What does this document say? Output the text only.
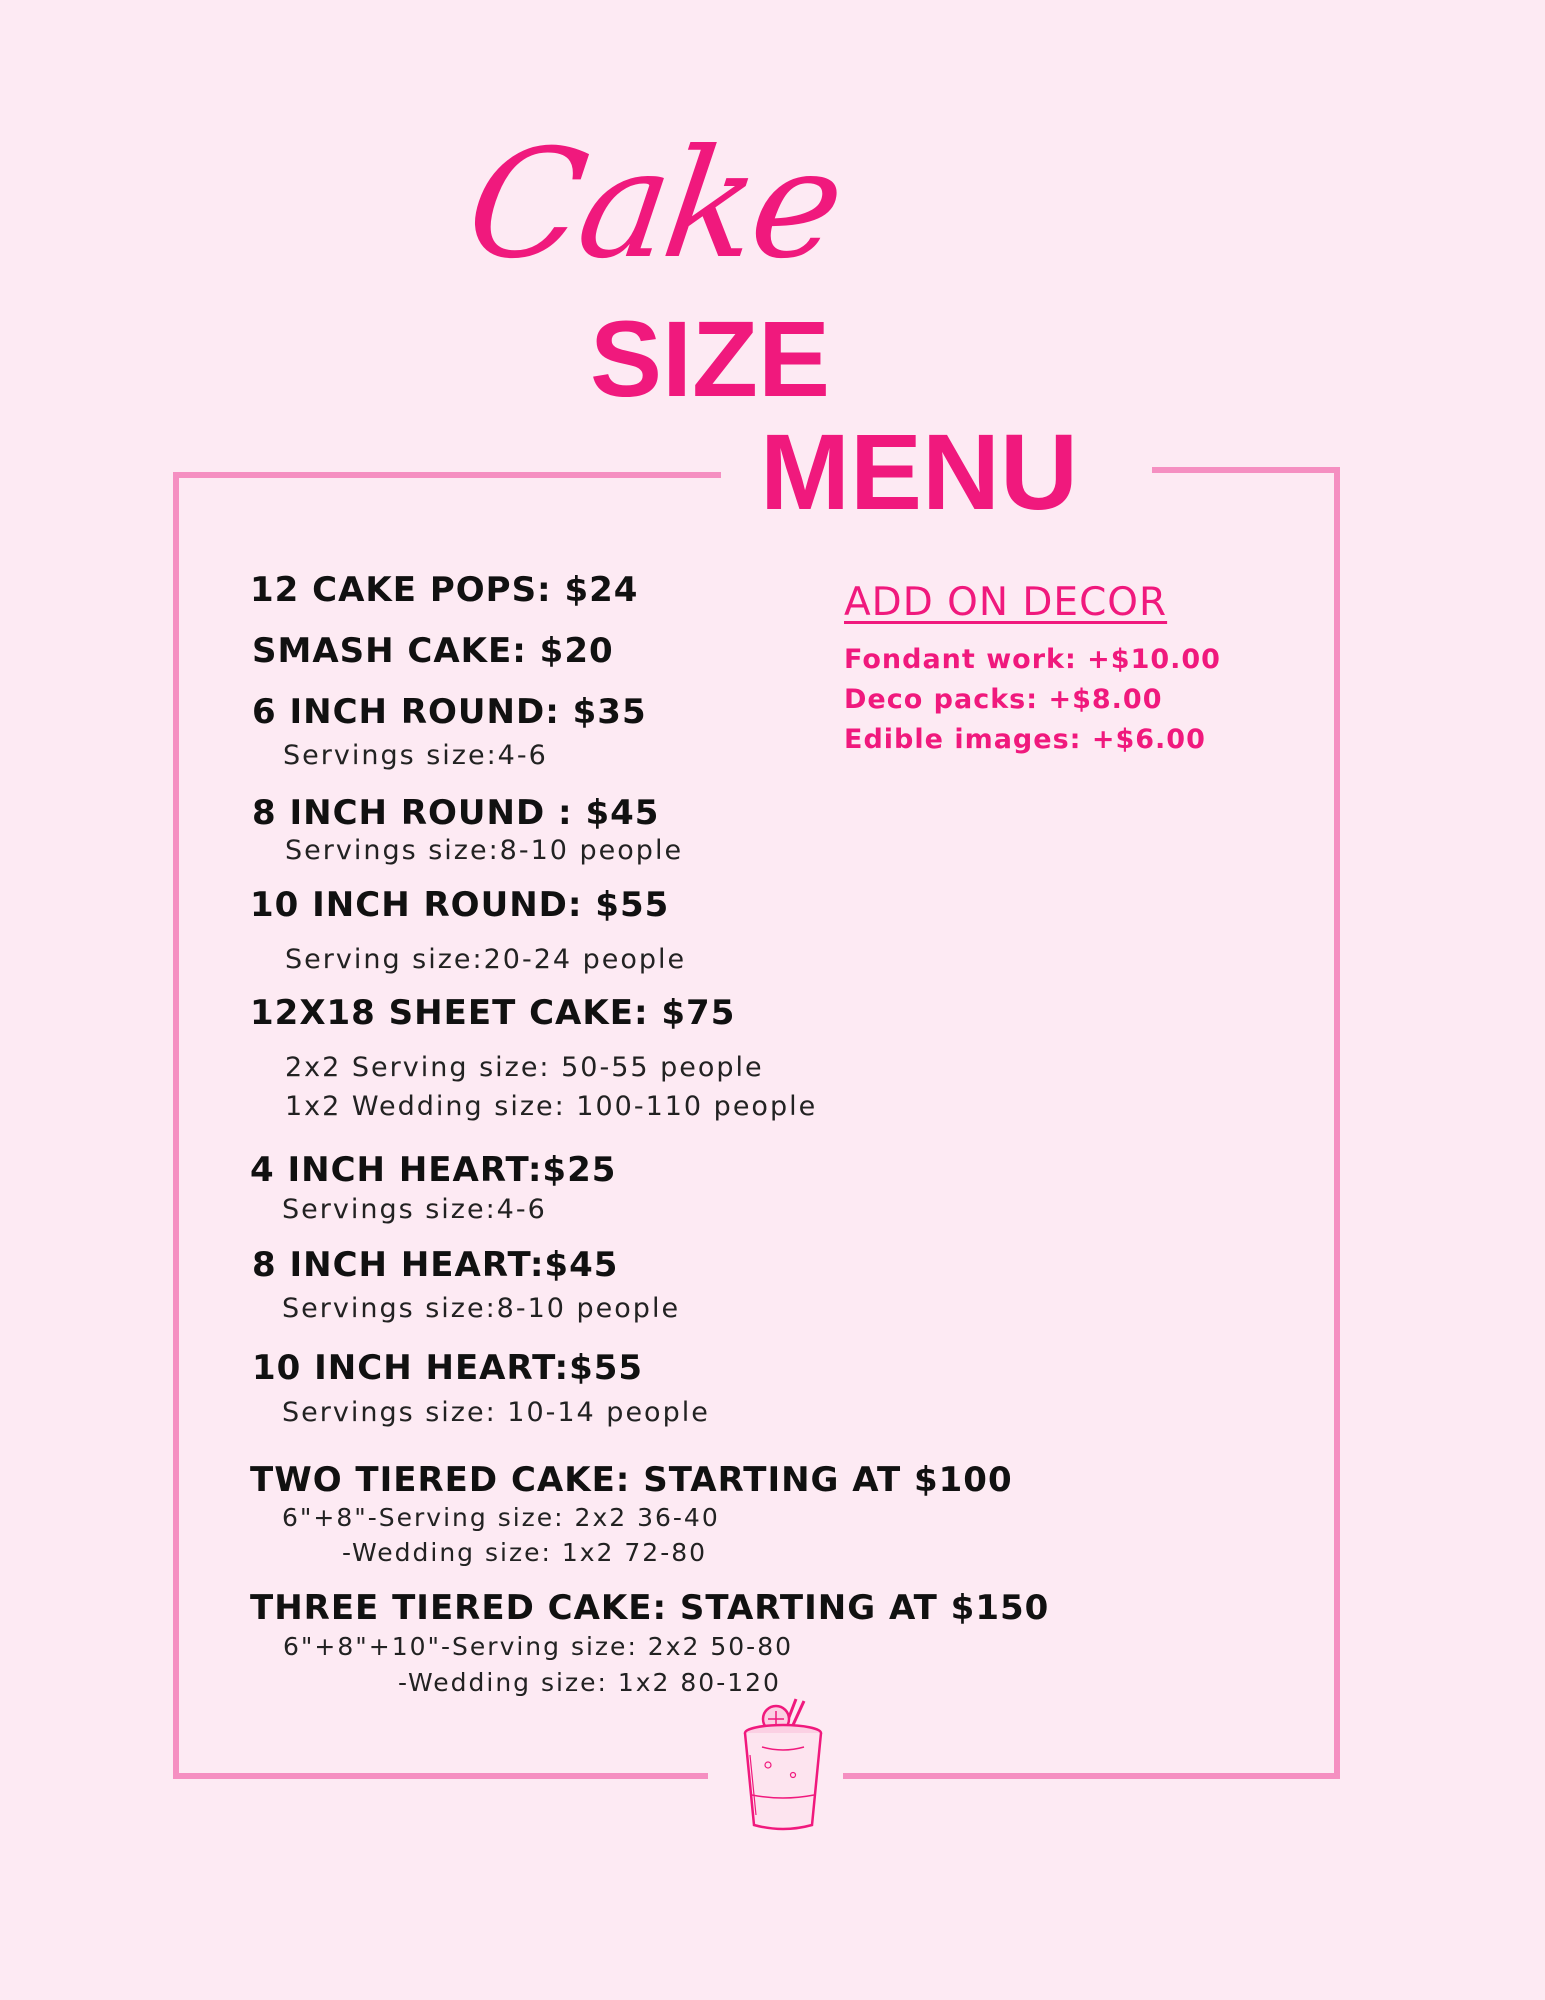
Cake
SIZE
MENU
12 CAKE POPS: $24
SMASH CAKE: $20
6 INCH ROUND: $35
Servings size:4-6
8 INCH ROUND : $45
Servings size:8-10 people
10 INCH ROUND: $55
Serving size:20-24 people
12X18 SHEET CAKE: $75
2x2 Serving size: 50-55 people
1x2 Wedding size: 100-110 people
4 INCH HEART:$25
Servings size:4-6
8 INCH HEART:$45
Servings size:8-10 people
10 INCH HEART:$55
Servings size: 10-14 people
TWO TIERED CAKE: STARTING AT $100
6"+8"-Serving size: 2x2 36-40
-Wedding size: 1x2 72-80
THREE TIERED CAKE: STARTING AT $150
6"+8"+10"-Serving size: 2x2 50-80
-Wedding size: 1x2 80-120
ADD ON DECOR
Fondant work: +$10.00
Deco packs: +$8.00
Edible images: +$6.00
